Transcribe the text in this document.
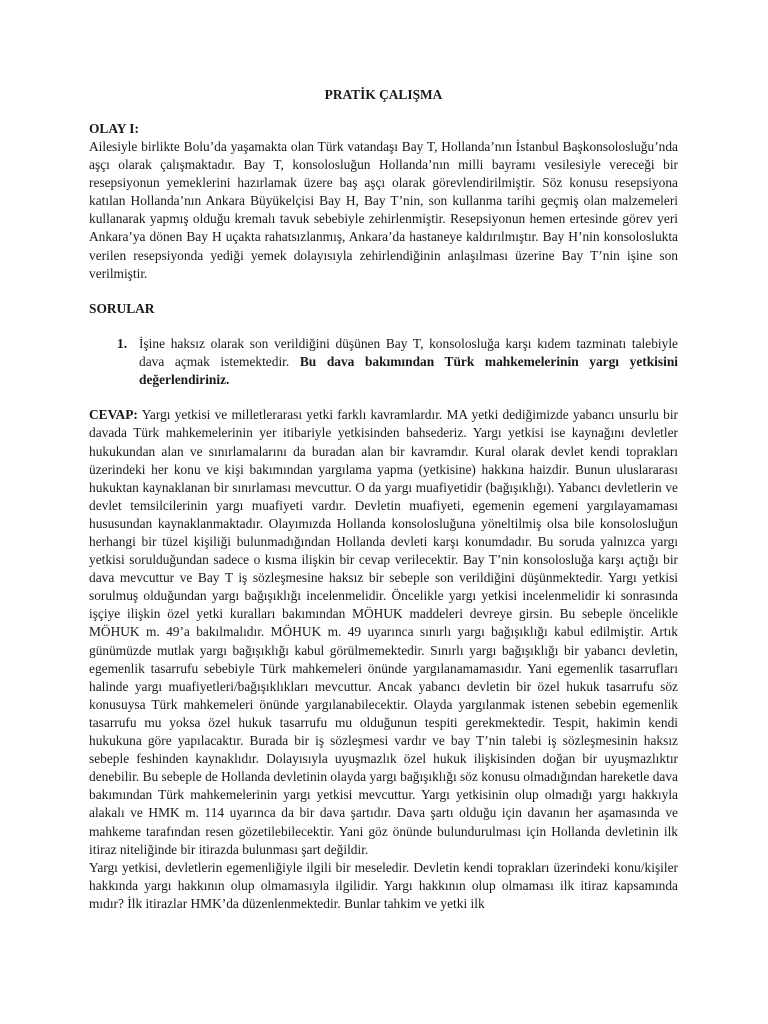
PRATİK ÇALIŞMA
OLAY I:

Ailesiyle birlikte Bolu’da yaşamakta olan Türk vatandaşı Bay T, Hollanda’nın İstanbul Başkonsolosluğu’nda aşçı olarak çalışmaktadır. Bay T, konsolosluğun Hollanda’nın milli bayramı vesilesiyle vereceği bir resepsiyonun yemeklerini hazırlamak üzere baş aşçı olarak görevlendirilmiştir. Söz konusu resepsiyona katılan Hollanda’nın Ankara Büyükelçisi Bay H, Bay T’nin, son kullanma tarihi geçmiş olan malzemeleri kullanarak yapmış olduğu kremalı tavuk sebebiyle zehirlenmiştir. Resepsiyonun hemen ertesinde görev yeri Ankara’ya dönen Bay H uçakta rahatsızlanmış, Ankara’da hastaneye kaldırılmıştır. Bay H’nin konsoloslukta verilen resepsiyonda yediği yemek dolayısıyla zehirlendiğinin anlaşılması üzerine Bay T’nin işine son verilmiştir.

SORULAR
1. İşine haksız olarak son verildiğini düşünen Bay T, konsolosluğa karşı kıdem tazminatı talebiyle dava açmak istemektedir. Bu dava bakımından Türk mahkemelerinin yargı yetkisini değerlendiriniz.

CEVAP: Yargı yetkisi ve milletlerarası yetki farklı kavramlardır. MA yetki dediğimizde yabancı unsurlu bir davada Türk mahkemelerinin yer itibariyle yetkisinden bahsederiz. Yargı yetkisi ise kaynağını devletler hukukundan alan ve sınırlamalarını da buradan alan bir kavramdır. Kural olarak devlet kendi toprakları üzerindeki her konu ve kişi bakımından yargılama yapma (yetkisine) hakkına haizdir. Bunun uluslararası hukuktan kaynaklanan bir sınırlaması mevcuttur. O da yargı muafiyetidir (bağışıklığı). Yabancı devletlerin ve devlet temsilcilerinin yargı muafiyeti vardır. Devletin muafiyeti, egemenin egemeni yargılayamaması hususundan kaynaklanmaktadır. Olayımızda Hollanda konsolosluğuna yöneltilmiş olsa bile konsolosluğun herhangi bir tüzel kişiliği bulunmadığından Hollanda devleti karşı konumdadır. Bu soruda yalnızca yargı yetkisi sorulduğundan sadece o kısma ilişkin bir cevap verilecektir. Bay T’nin konsolosluğa karşı açtığı bir dava mevcuttur ve Bay T iş sözleşmesine haksız bir sebeple son verildiğini düşünmektedir. Yargı yetkisi sorulmuş olduğundan yargı bağışıklığı incelenmelidir. Öncelikle yargı yetkisi incelenmelidir ki sonrasında işçiye ilişkin özel yetki kuralları bakımından MÖHUK maddeleri devreye girsin. Bu sebeple öncelikle MÖHUK m. 49’a bakılmalıdır. MÖHUK m. 49 uyarınca sınırlı yargı bağışıklığı kabul edilmiştir. Artık günümüzde mutlak yargı bağışıklığı kabul görülmemektedir. Sınırlı yargı bağışıklığı bir yabancı devletin, egemenlik tasarrufu sebebiyle Türk mahkemeleri önünde yargılanamamasıdır. Yani egemenlik tasarrufları halinde yargı muafiyetleri/bağışıklıkları mevcuttur. Ancak yabancı devletin bir özel hukuk tasarrufu söz konusuysa Türk mahkemeleri önünde yargılanabilecektir. Olayda yargılanmak istenen sebebin egemenlik tasarrufu mu yoksa özel hukuk tasarrufu mu olduğunun tespiti gerekmektedir. Tespit, hakimin kendi hukukuna göre yapılacaktır. Burada bir iş sözleşmesi vardır ve bay T’nin talebi iş sözleşmesinin haksız sebeple feshinden kaynaklıdır. Dolayısıyla uyuşmazlık özel hukuk ilişkisinden doğan bir uyuşmazlıktır denebilir. Bu sebeple de Hollanda devletinin olayda yargı bağışıklığı söz konusu olmadığından hareketle dava bakımından Türk mahkemelerinin yargı yetkisi mevcuttur. Yargı yetkisinin olup olmadığı yargı hakkıyla alakalı ve HMK m. 114 uyarınca da bir dava şartıdır. Dava şartı olduğu için davanın her aşamasında ve mahkeme tarafından resen gözetilebilecektir. Yani göz önünde bulundurulması için Hollanda devletinin ilk itiraz niteliğinde bir itirazda bulunması şart değildir.

Yargı yetkisi, devletlerin egemenliğiyle ilgili bir meseledir. Devletin kendi toprakları üzerindeki konu/kişiler hakkında yargı hakkının olup olmamasıyla ilgilidir. Yargı hakkının olup olmaması ilk itiraz kapsamında mıdır? İlk itirazlar HMK’da düzenlenmektedir. Bunlar tahkim ve yetki ilk
